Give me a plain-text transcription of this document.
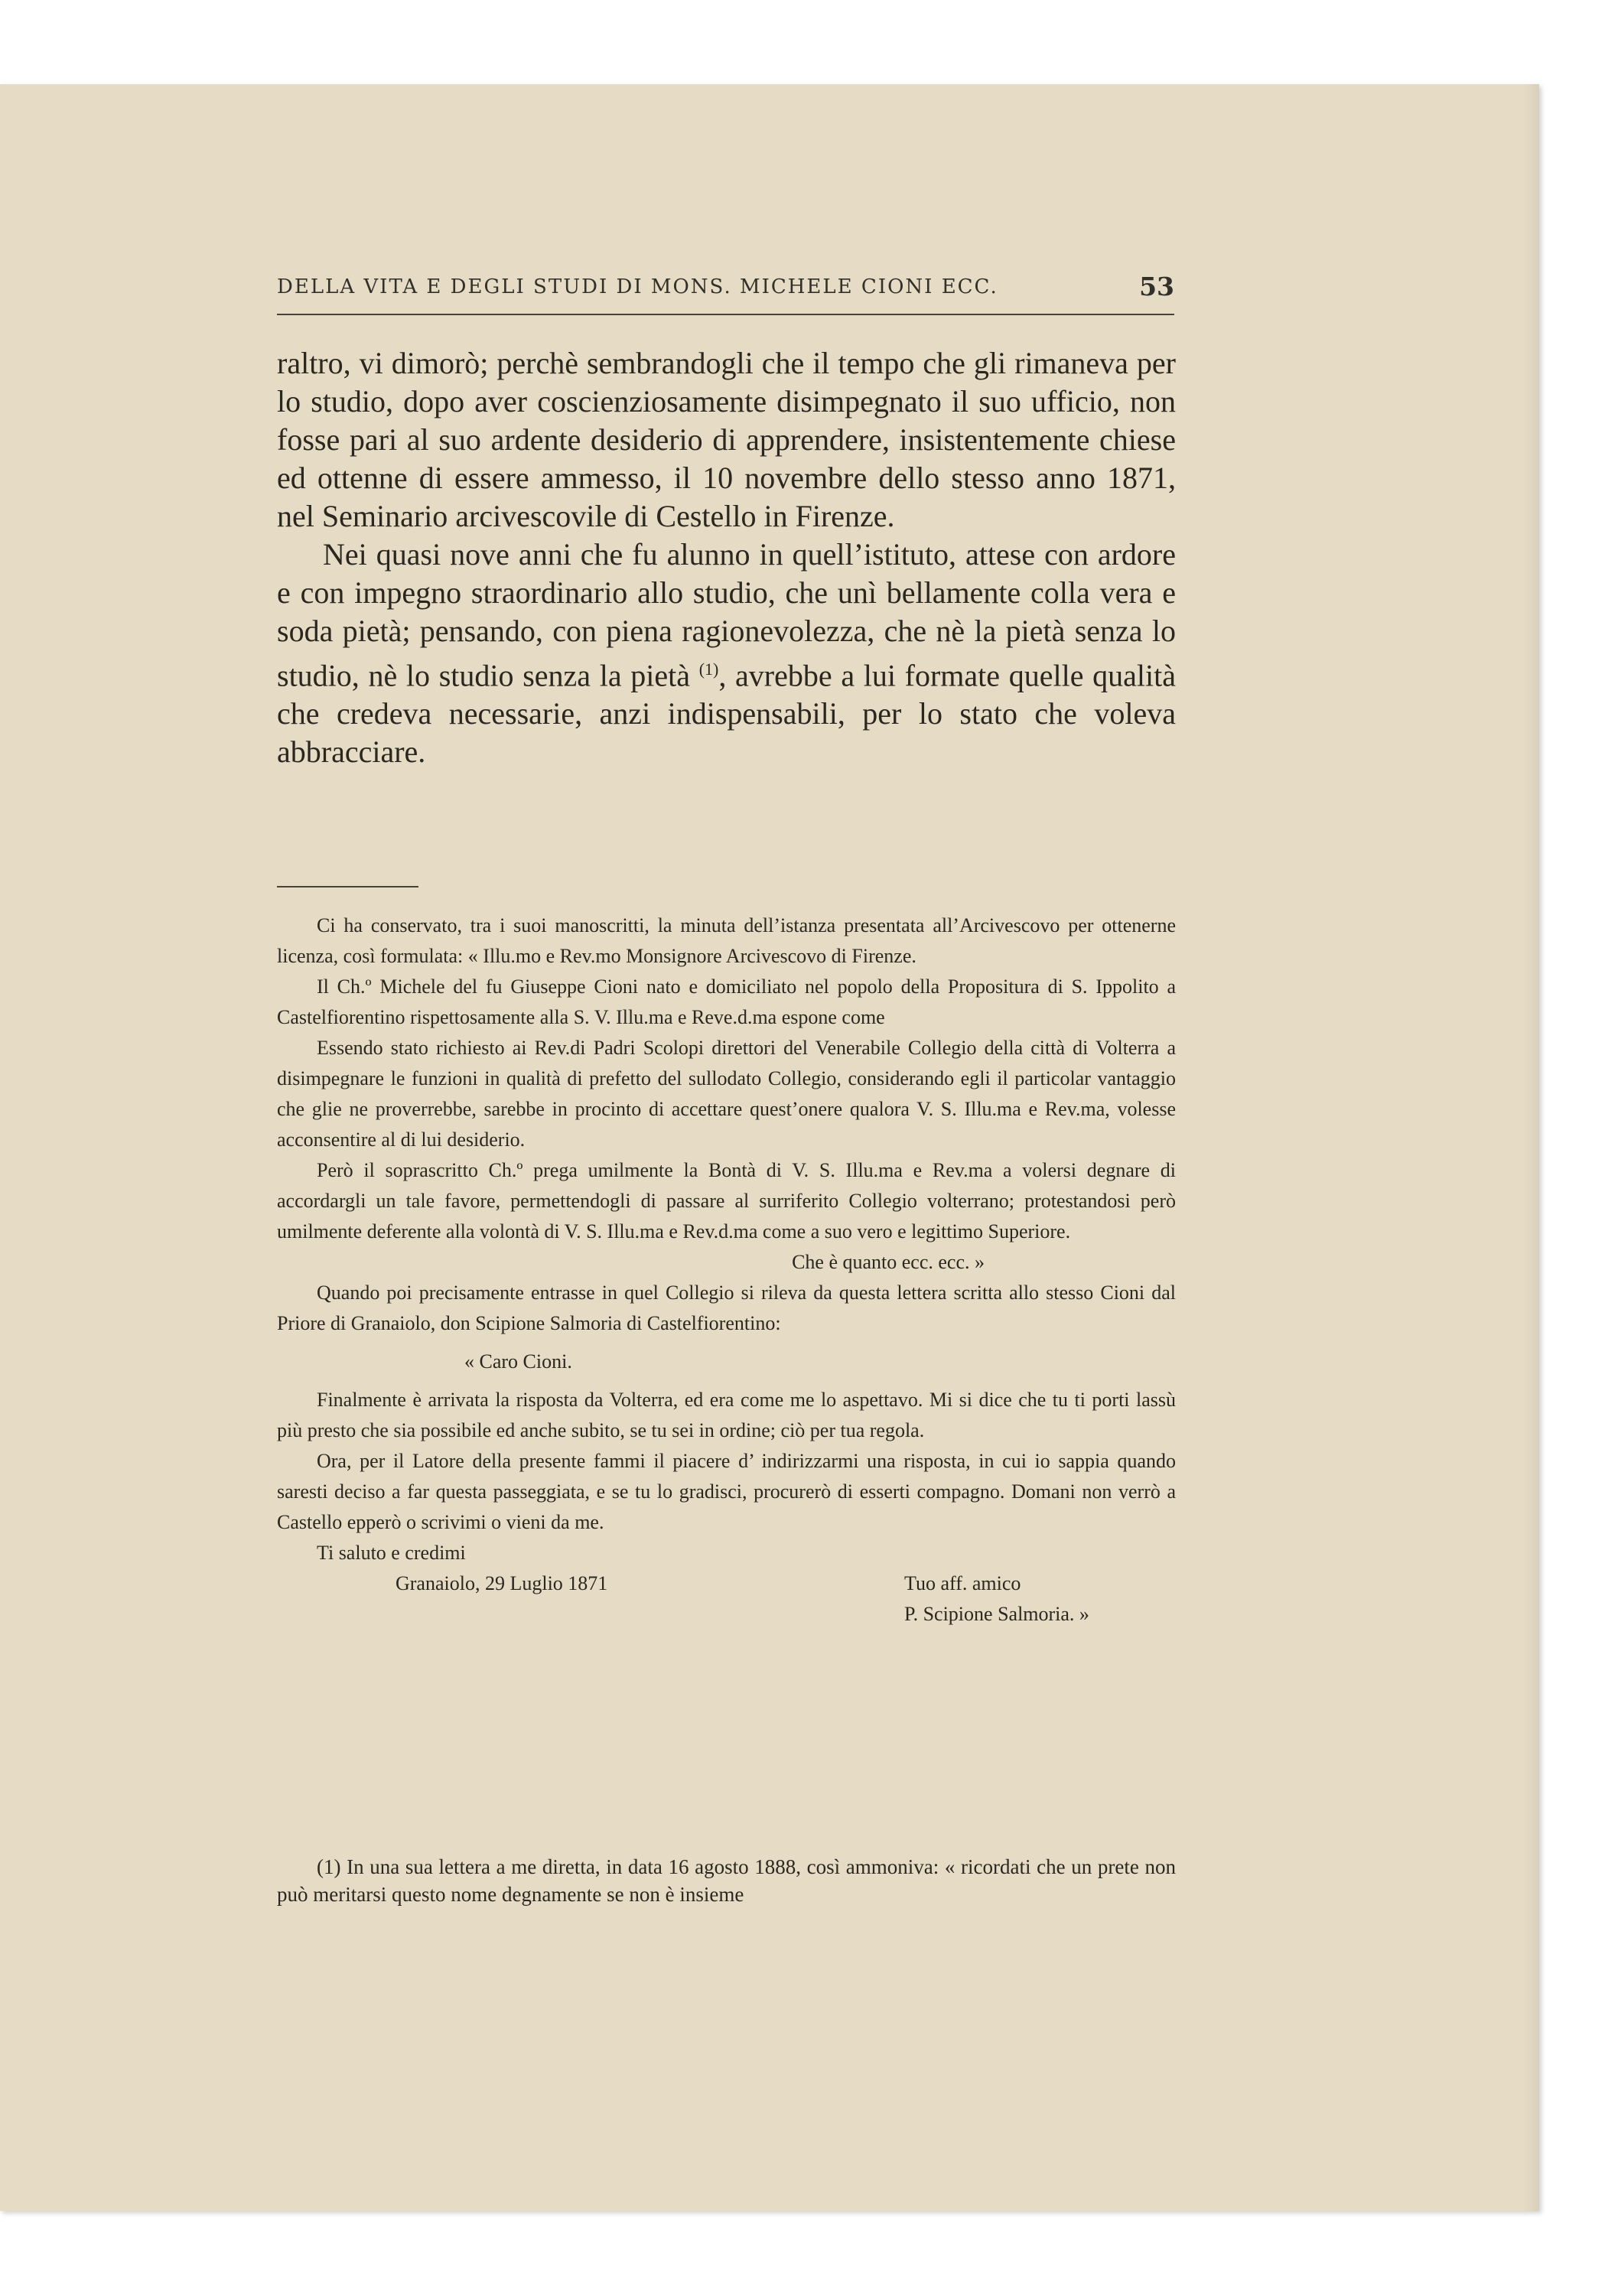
DELLA VITA E DEGLI STUDI DI MONS. MICHELE CIONI ECC.	53

raltro, vi dimorò; perchè sembrandogli che il tempo che gli rimaneva per lo studio, dopo aver coscienziosamente disimpegnato il suo ufficio, non fosse pari al suo ardente desiderio di apprendere, insistentemente chiese ed ottenne di essere ammesso, il 10 novembre dello stesso anno 1871, nel Seminario arcivescovile di Cestello in Firenze.

Nei quasi nove anni che fu alunno in quell’istituto, attese con ardore e con impegno straordinario allo studio, che unì bellamente colla vera e soda pietà; pensando, con piena ragionevolezza, che nè la pietà senza lo studio, nè lo studio senza la pietà $^{(1)}$, avrebbe a lui formate quelle qualità che credeva necessarie, anzi indispensabili, per lo stato che voleva abbracciare.

Ci ha conservato, tra i suoi manoscritti, la minuta dell’istanza presentata all’Arcivescovo per ottenerne licenza, così formulata: « Illu.mo e Rev.mo Monsignore Arcivescovo di Firenze.

Il Ch.º Michele del fu Giuseppe Cioni nato e domiciliato nel popolo della Propositura di S. Ippolito a Castelfiorentino rispettosamente alla S. V. Illu.ma e Reve.d.ma espone come

Essendo stato richiesto ai Rev.di Padri Scolopi direttori del Venerabile Collegio della città di Volterra a disimpegnare le funzioni in qualità di prefetto del sullodato Collegio, considerando egli il particolar vantaggio che glie ne proverrebbe, sarebbe in procinto di accettare quest’onere qualora V. S. Illu.ma e Rev.ma, volesse acconsentire al di lui desiderio.

Però il soprascritto Ch.º prega umilmente la Bontà di V. S. Illu.ma e Rev.ma a volersi degnare di accordargli un tale favore, permettendogli di passare al surriferito Collegio volterrano; protestandosi però umilmente deferente alla volontà di V. S. Illu.ma e Rev.d.ma come a suo vero e legittimo Superiore.

Che è quanto ecc. ecc. »

Quando poi precisamente entrasse in quel Collegio si rileva da questa lettera scritta allo stesso Cioni dal Priore di Granaiolo, don Scipione Salmoria di Castelfiorentino:

« Caro Cioni.

Finalmente è arrivata la risposta da Volterra, ed era come me lo aspettavo. Mi si dice che tu ti porti lassù più presto che sia possibile ed anche subito, se tu sei in ordine; ciò per tua regola.

Ora, per il Latore della presente fammi il piacere d’ indirizzarmi una risposta, in cui io sappia quando saresti deciso a far questa passeggiata, e se tu lo gradisci, procurerò di esserti compagno. Domani non verrò a Castello epperò o scrivimi o vieni da me.

Ti saluto e credimi

Granaiolo, 29 Luglio 1871	Tuo aff. amico
P. Scipione Salmoria. »

(1) In una sua lettera a me diretta, in data 16 agosto 1888, così ammoniva: « ricordati che un prete non può meritarsi questo nome degnamente se non è insieme
